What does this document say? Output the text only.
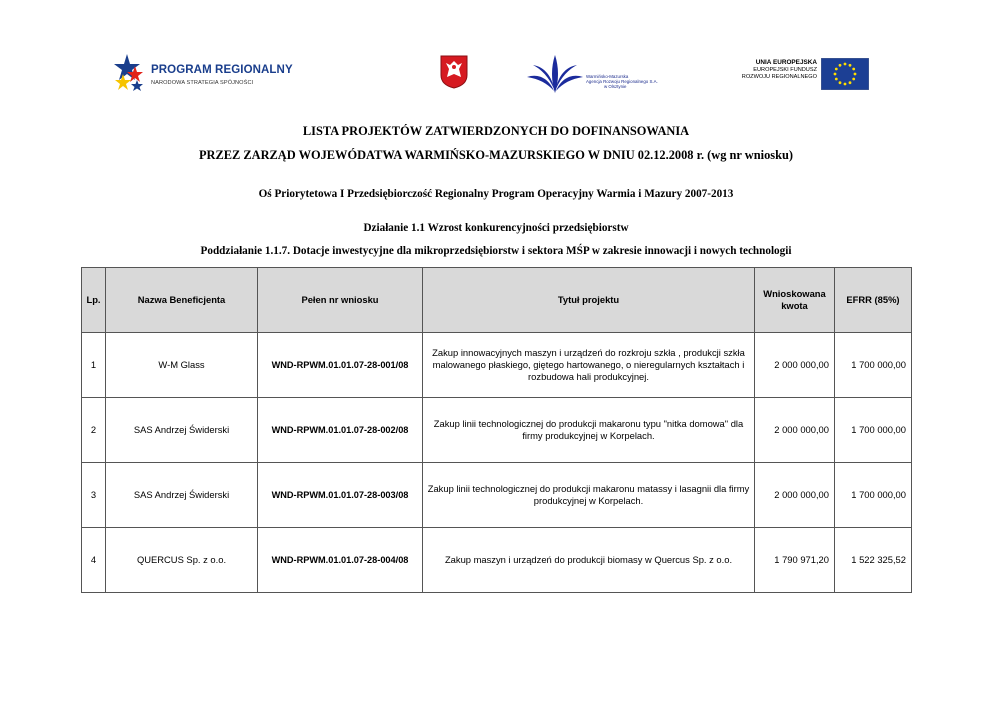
PROGRAM REGIONALNY
NARODOWA STRATEGIA SPÓJNOŚCI
Warmińsko-Mazurska
Agencja Rozwoju Regionalnego S.A.
w Olsztynie
UNIA EUROPEJSKA
EUROPEJSKI FUNDUSZ
ROZWOJU REGIONALNEGO
LISTA PROJEKTÓW ZATWIERDZONYCH DO DOFINANSOWANIA
PRZEZ ZARZĄD WOJEWÓDATWA WARMIŃSKO-MAZURSKIEGO W DNIU 02.12.2008 r. (wg nr wniosku)
Oś Priorytetowa I Przedsiębiorczość Regionalny Program Operacyjny Warmia i Mazury 2007-2013
Działanie 1.1 Wzrost konkurencyjności przedsiębiorstw
Poddziałanie 1.1.7. Dotacje inwestycyjne dla mikroprzedsiębiorstw i sektora MŚP w zakresie innowacji i nowych technologii
Lp.	Nazwa Beneficjenta	Pełen nr wniosku	Tytuł projektu	Wnioskowana kwota	EFRR (85%)
1	W-M Glass	WND-RPWM.01.01.07-28-001/08	Zakup innowacyjnych maszyn i urządzeń do rozkroju szkła , produkcji szkła malowanego płaskiego, giętego hartowanego, o nieregularnych kształtach i rozbudowa hali produkcyjnej.	2 000 000,00	1 700 000,00
2	SAS Andrzej Świderski	WND-RPWM.01.01.07-28-002/08	Zakup linii technologicznej do produkcji makaronu typu "nitka domowa" dla firmy produkcyjnej w Korpelach.	2 000 000,00	1 700 000,00
3	SAS Andrzej Świderski	WND-RPWM.01.01.07-28-003/08	Zakup linii technologicznej do produkcji makaronu matassy i lasagnii dla firmy produkcyjnej w Korpelach.	2 000 000,00	1 700 000,00
4	QUERCUS Sp. z o.o.	WND-RPWM.01.01.07-28-004/08	Zakup maszyn i urządzeń do produkcji biomasy w Quercus Sp. z o.o.	1 790 971,20	1 522 325,52
